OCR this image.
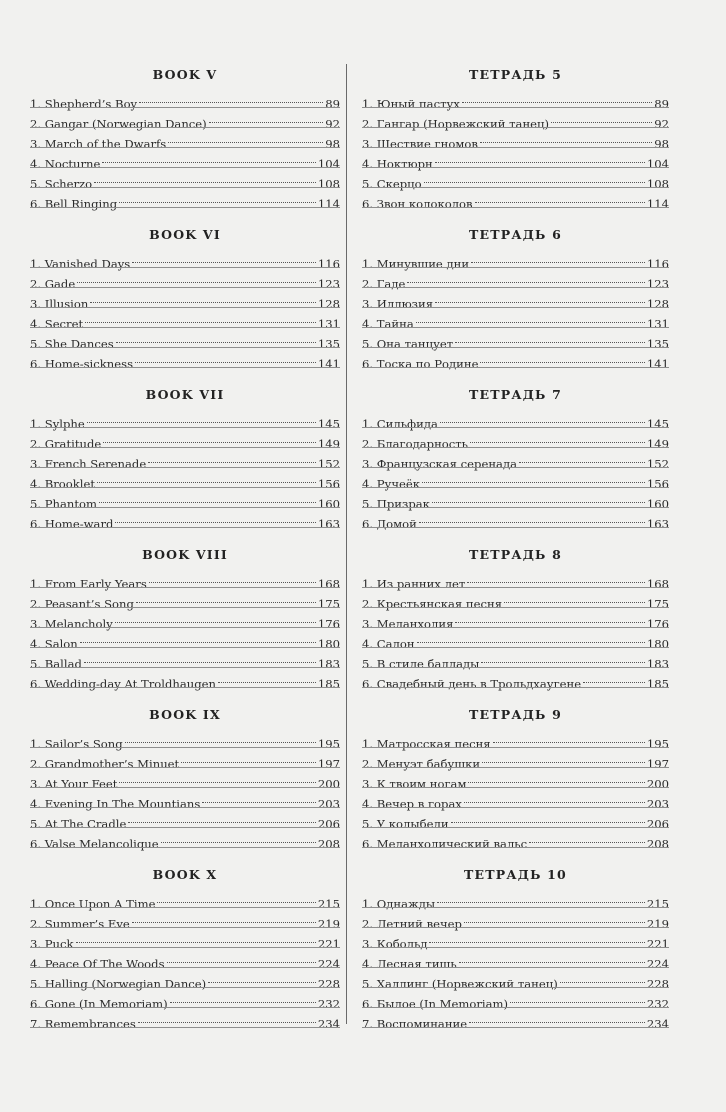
BOOK V
1. Shepherd’s Boy	89
2. Gangar (Norwegian Dance)	92
3. March of the Dwarfs	98
4. Nocturne	104
5. Scherzo	108
6. Bell Ringing	114
BOOK VI
1. Vanished Days	116
2. Gade	123
3. Illusion	128
4. Secret	131
5. She Dances	135
6. Home-sickness	141
BOOK VII
1. Sylphe	145
2. Gratitude	149
3. French Serenade	152
4. Brooklet	156
5. Phantom	160
6. Home-ward	163
BOOK VIII
1. From Early Years	168
2. Peasant’s Song	175
3. Melancholy	176
4. Salon	180
5. Ballad	183
6. Wedding-day At Troldhaugen	185
BOOK IX
1. Sailor’s Song	195
2. Grandmother’s Minuet	197
3. At Your Feet	200
4. Evening In The Mountians	203
5. At The Cradle	206
6. Valse Melancolique	208
BOOK X
1. Once Upon A Time	215
2. Summer’s Eve	219
3. Puck	221
4. Peace Of The Woods	224
5. Halling (Norwegian Dance)	228
6. Gone (In Memoriam)	232
7. Remembrances	234
ТЕТРАДЬ 5
1. Юный пастух	89
2. Гангар (Норвежский танец)	92
3. Шествие гномов	98
4. Ноктюрн	104
5. Скерцо	108
6. Звон колоколов	114
ТЕТРАДЬ 6
1. Минувшие дни	116
2. Гаде	123
3. Иллюзия	128
4. Тайна	131
5. Она танцует	135
6. Тоска по Родине	141
ТЕТРАДЬ 7
1. Сильфида	145
2. Благодарность	149
3. Французская серенада	152
4. Ручеёк	156
5. Призрак	160
6. Домой	163
ТЕТРАДЬ 8
1. Из ранних лет	168
2. Крестьянская песня	175
3. Меланхолия	176
4. Салон	180
5. В стиле баллады	183
6. Свадебный день в Трольдхаугене	185
ТЕТРАДЬ 9
1. Матросская песня	195
2. Менуэт бабушки	197
3. К твоим ногам	200
4. Вечер в горах	203
5. У колыбели	206
6. Меланхолический вальс	208
ТЕТРАДЬ 10
1. Однажды	215
2. Летний вечер	219
3. Кобольд	221
4. Лесная тишь	224
5. Халлинг (Норвежский танец)	228
6. Былое (In Memoriam)	232
7. Воспоминание	234
